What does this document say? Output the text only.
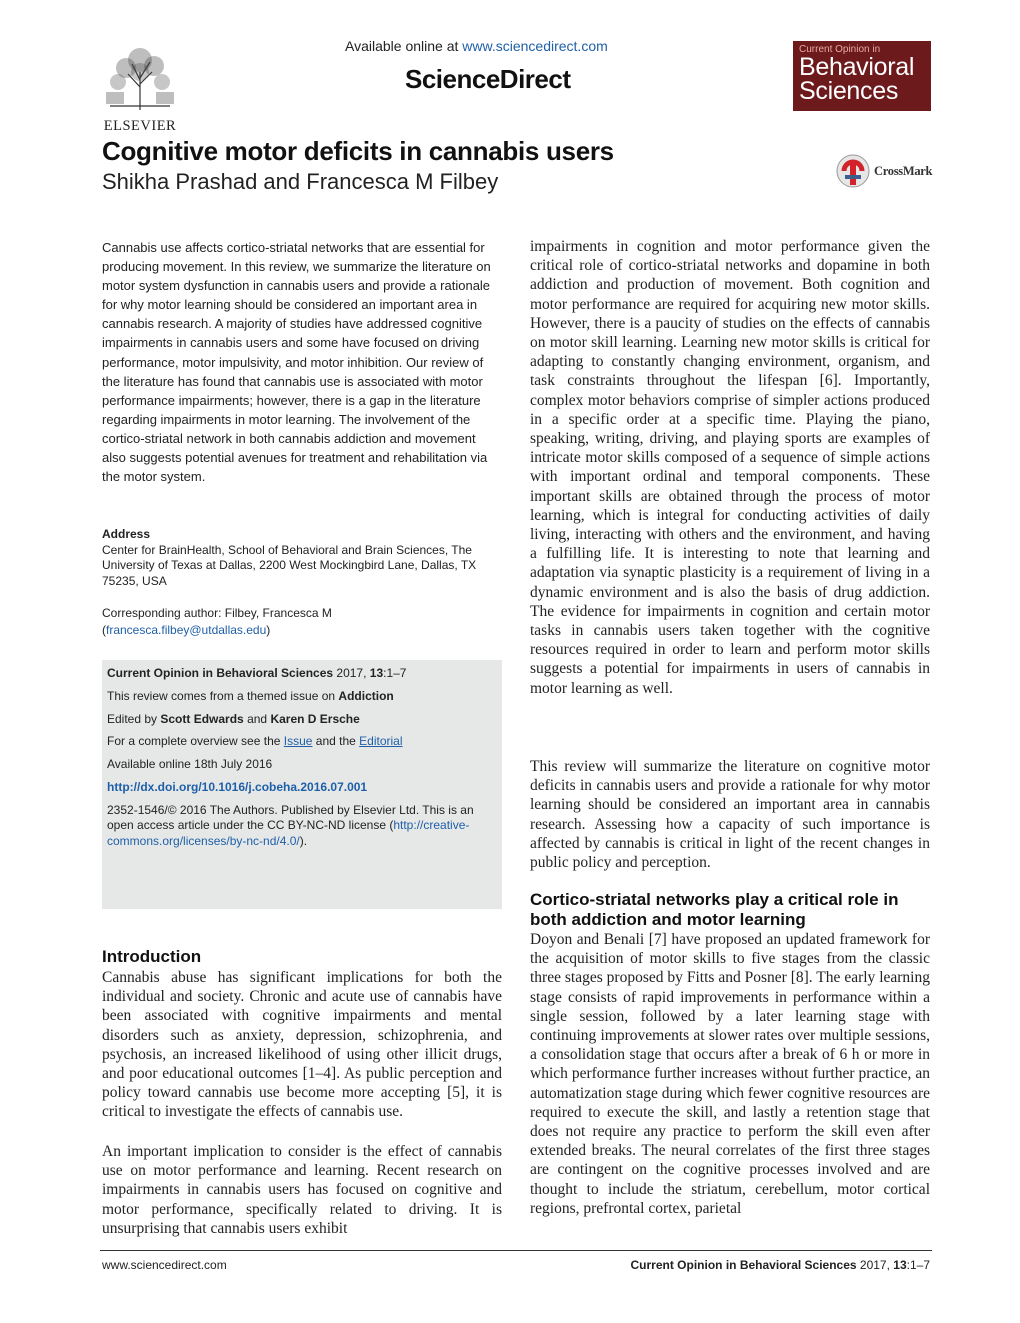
ELSEVIER
Available online at www.sciencedirect.com
ScienceDirect
Current Opinion in
Behavioral
Sciences
Cognitive motor deficits in cannabis users
Shikha Prashad and Francesca M Filbey	CrossMark

Cannabis use affects cortico-striatal networks that are essential for producing movement. In this review, we summarize the literature on motor system dysfunction in cannabis users and provide a rationale for why motor learning should be considered an important area in cannabis research. A majority of studies have addressed cognitive impairments in cannabis users and some have focused on driving performance, motor impulsivity, and motor inhibition. Our review of the literature has found that cannabis use is associated with motor performance impairments; however, there is a gap in the literature regarding impairments in motor learning. The involvement of the cortico-striatal network in both cannabis addiction and movement also suggests potential avenues for treatment and rehabilitation via the motor system.

Address
Center for BrainHealth, School of Behavioral and Brain Sciences, The University of Texas at Dallas, 2200 West Mockingbird Lane, Dallas, TX 75235, USA
Corresponding author: Filbey, Francesca M
(francesca.filbey@utdallas.edu)
Current Opinion in Behavioral Sciences 2017, 13:1–7
This review comes from a themed issue on Addiction
Edited by Scott Edwards and Karen D Ersche
For a complete overview see the Issue and the Editorial
Available online 18th July 2016
http://dx.doi.org/10.1016/j.cobeha.2016.07.001
2352-1546/© 2016 The Authors. Published by Elsevier Ltd. This is an open access article under the CC BY-NC-ND license (http://creative-commons.org/licenses/by-nc-nd/4.0/).
Introduction

Cannabis abuse has significant implications for both the individual and society. Chronic and acute use of cannabis have been associated with cognitive impairments and mental disorders such as anxiety, depression, schizophrenia, and psychosis, an increased likelihood of using other illicit drugs, and poor educational outcomes [1–4]. As public perception and policy toward cannabis use become more accepting [5], it is critical to investigate the effects of cannabis use.

An important implication to consider is the effect of cannabis use on motor performance and learning. Recent research on impairments in cannabis users has focused on cognitive and motor performance, specifically related to driving. It is unsurprising that cannabis users exhibit

impairments in cognition and motor performance given the critical role of cortico-striatal networks and dopamine in both addiction and production of movement. Both cognition and motor performance are required for acquiring new motor skills. However, there is a paucity of studies on the effects of cannabis on motor skill learning. Learning new motor skills is critical for adapting to constantly changing environment, organism, and task constraints throughout the lifespan [6]. Importantly, complex motor behaviors comprise of simpler actions produced in a specific order at a specific time. Playing the piano, speaking, writing, driving, and playing sports are examples of intricate motor skills composed of a sequence of simple actions with important ordinal and temporal components. These important skills are obtained through the process of motor learning, which is integral for conducting activities of daily living, interacting with others and the environment, and having a fulfilling life. It is interesting to note that learning and adaptation via synaptic plasticity is a requirement of living in a dynamic environment and is also the basis of drug addiction. The evidence for impairments in cognition and certain motor tasks in cannabis users taken together with the cognitive resources required in order to learn and perform motor skills suggests a potential for impairments in users of cannabis in motor learning as well.

This review will summarize the literature on cognitive motor deficits in cannabis users and provide a rationale for why motor learning should be considered an important area in cannabis research. Assessing how a capacity of such importance is affected by cannabis is critical in light of the recent changes in public policy and perception.

Cortico-striatal networks play a critical role in both addiction and motor learning

Doyon and Benali [7] have proposed an updated framework for the acquisition of motor skills to five stages from the classic three stages proposed by Fitts and Posner [8]. The early learning stage consists of rapid improvements in performance within a single session, followed by a later learning stage with continuing improvements at slower rates over multiple sessions, a consolidation stage that occurs after a break of 6 h or more in which performance further increases without further practice, an automatization stage during which fewer cognitive resources are required to execute the skill, and lastly a retention stage that does not require any practice to perform the skill even after extended breaks. The neural correlates of the first three stages are contingent on the cognitive processes involved and are thought to include the striatum, cerebellum, motor cortical regions, prefrontal cortex, parietal

www.sciencedirect.com	Current Opinion in Behavioral Sciences 2017, 13:1–7
